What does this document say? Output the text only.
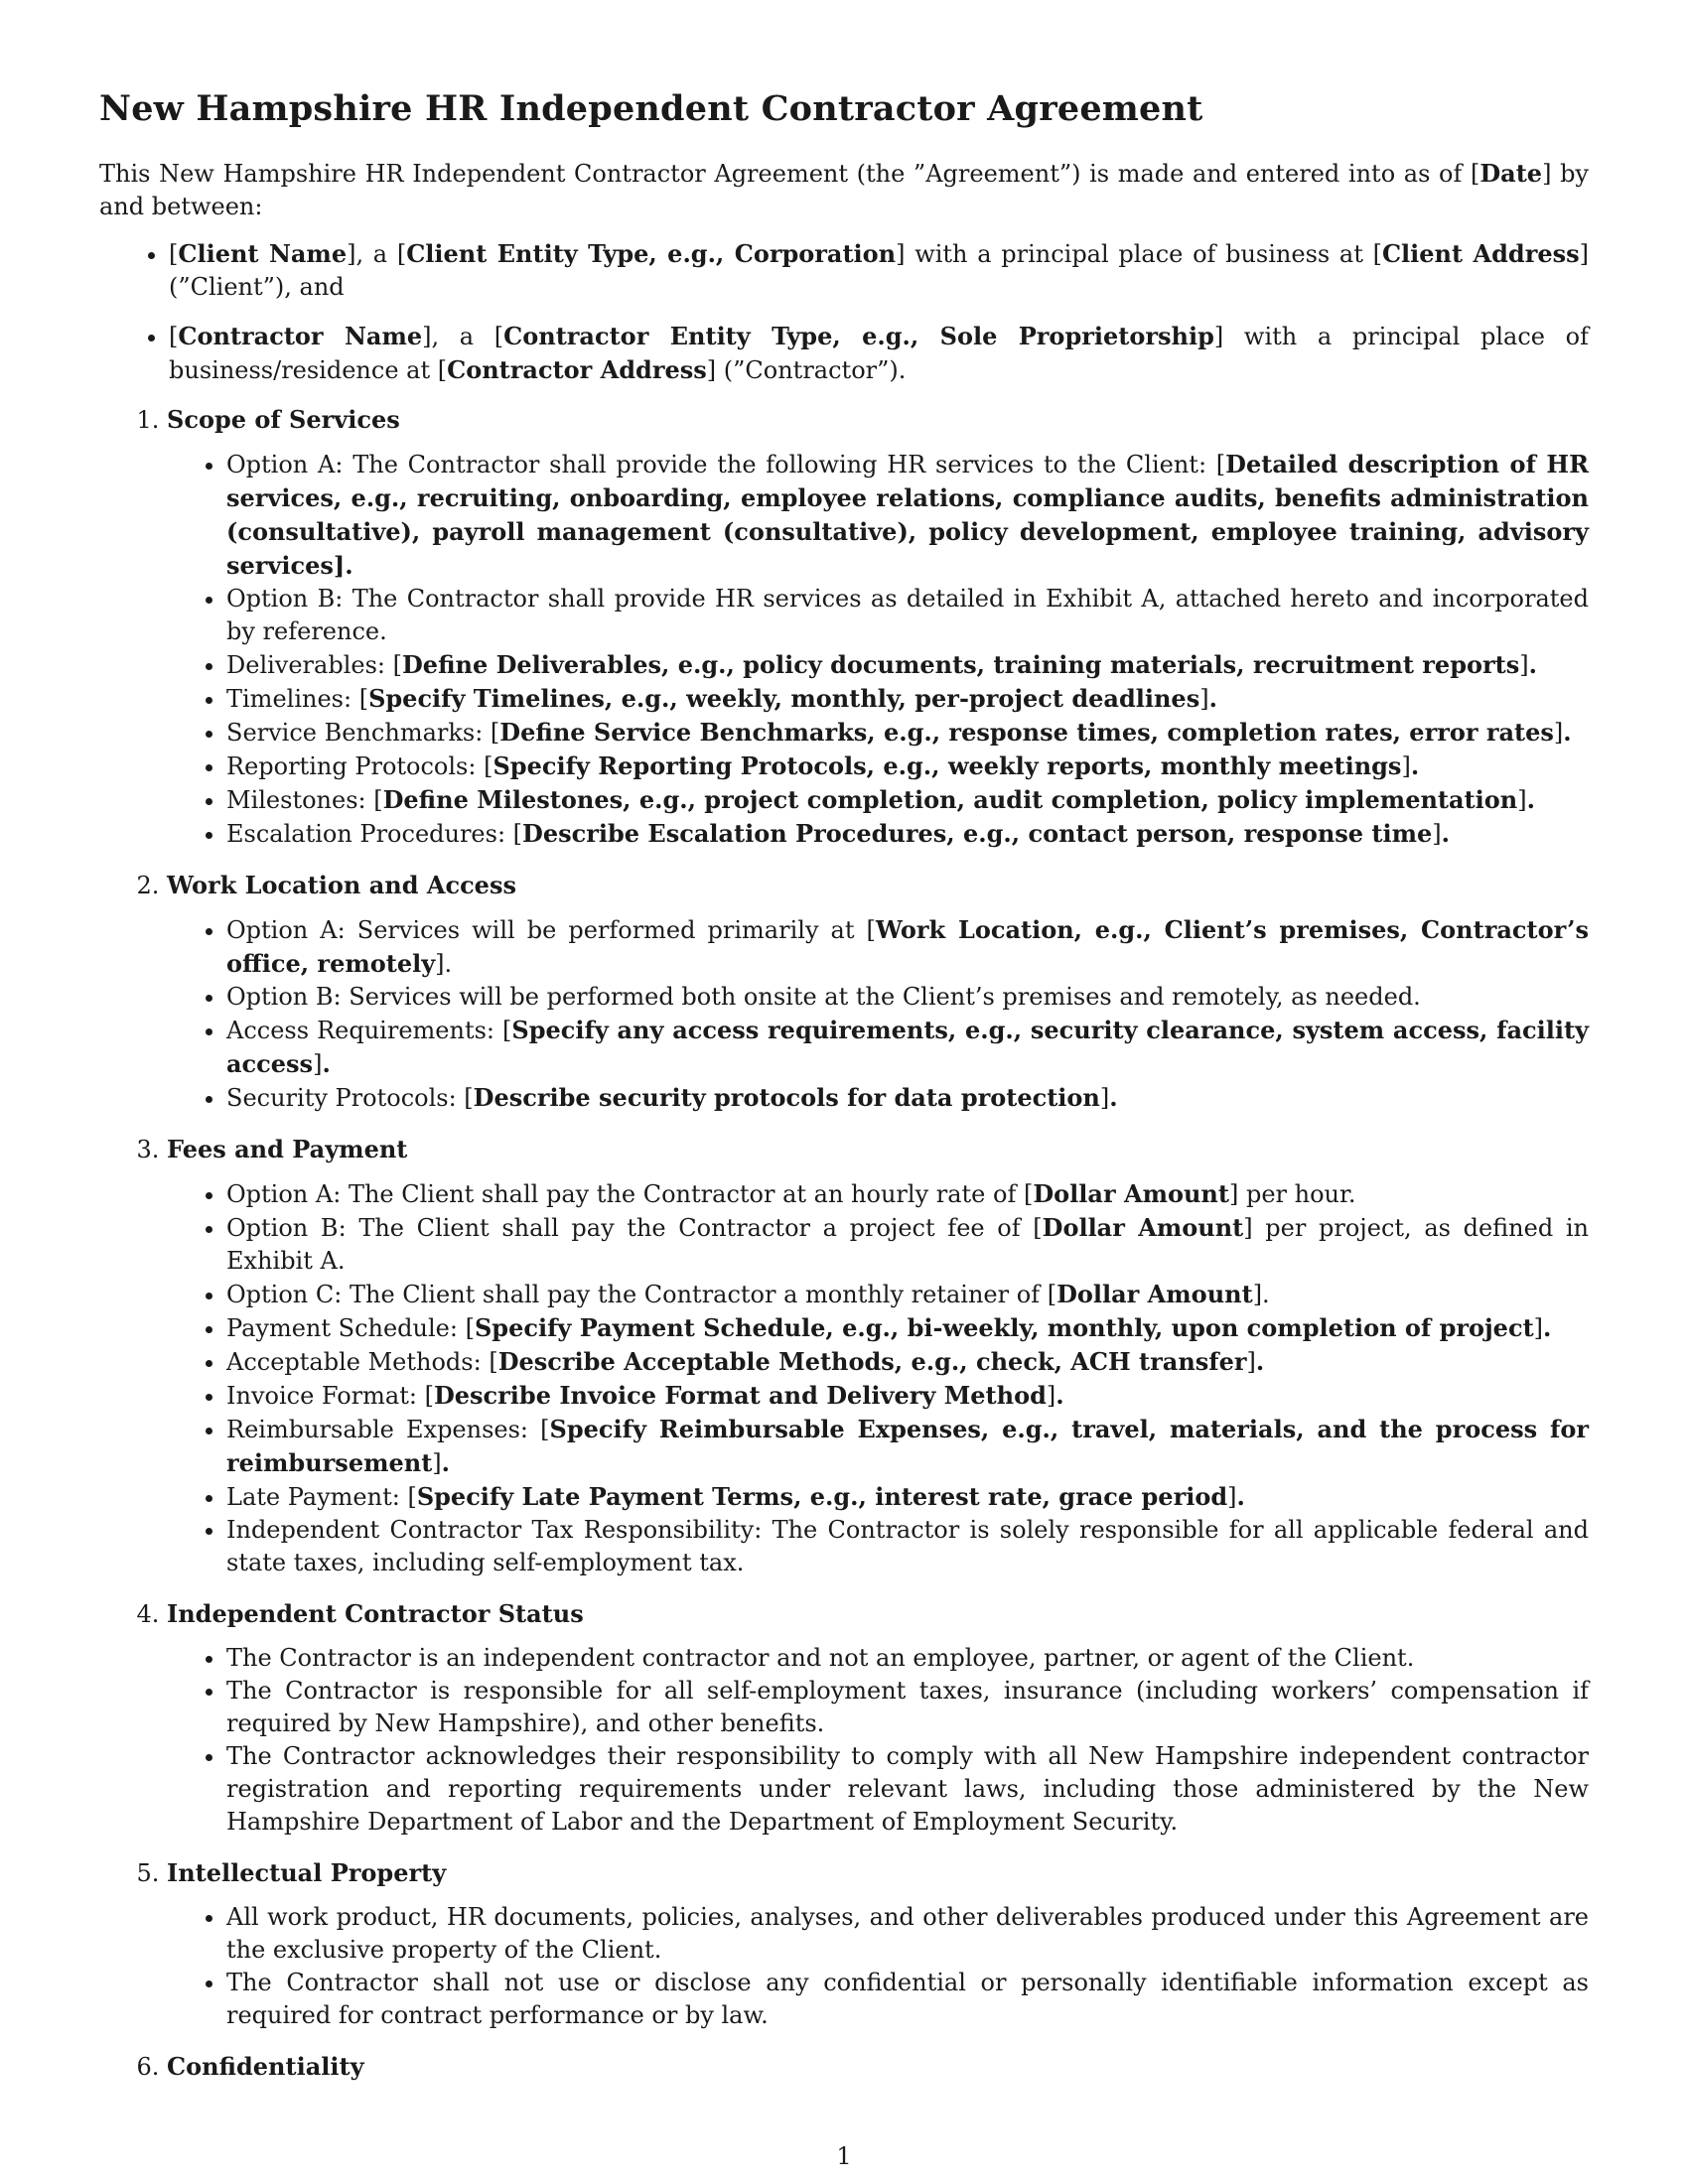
New Hampshire HR Independent Contractor Agreement

This New Hampshire HR Independent Contractor Agreement (the ”Agreement”) is made and entered into as of [Date] by and between:

• [Client Name], a [Client Entity Type, e.g., Corporation] with a principal place of business at [Client Address] (”Client”), and
• [Contractor Name], a [Contractor Entity Type, e.g., Sole Proprietorship] with a principal place of business/residence at [Contractor Address] (”Contractor”).
1. Scope of Services
• Option A: The Contractor shall provide the following HR services to the Client: [Detailed description of HR services, e.g., recruiting, onboarding, employee relations, compliance audits, benefits administration (consultative), payroll management (consultative), policy development, employee training, advisory services].
• Option B: The Contractor shall provide HR services as detailed in Exhibit A, attached hereto and incorporated by reference.
• Deliverables: [Define Deliverables, e.g., policy documents, training materials, recruitment reports].
• Timelines: [Specify Timelines, e.g., weekly, monthly, per-project deadlines].
• Service Benchmarks: [Define Service Benchmarks, e.g., response times, completion rates, error rates].
• Reporting Protocols: [Specify Reporting Protocols, e.g., weekly reports, monthly meetings].
• Milestones: [Define Milestones, e.g., project completion, audit completion, policy implementation].
• Escalation Procedures: [Describe Escalation Procedures, e.g., contact person, response time].
2. Work Location and Access
• Option A: Services will be performed primarily at [Work Location, e.g., Client’s premises, Contractor’s office, remotely].
• Option B: Services will be performed both onsite at the Client’s premises and remotely, as needed.
• Access Requirements: [Specify any access requirements, e.g., security clearance, system access, facility access].
• Security Protocols: [Describe security protocols for data protection].
3. Fees and Payment
• Option A: The Client shall pay the Contractor at an hourly rate of [Dollar Amount] per hour.
• Option B: The Client shall pay the Contractor a project fee of [Dollar Amount] per project, as defined in Exhibit A.
• Option C: The Client shall pay the Contractor a monthly retainer of [Dollar Amount].
• Payment Schedule: [Specify Payment Schedule, e.g., bi-weekly, monthly, upon completion of project].
• Acceptable Methods: [Describe Acceptable Methods, e.g., check, ACH transfer].
• Invoice Format: [Describe Invoice Format and Delivery Method].
• Reimbursable Expenses: [Specify Reimbursable Expenses, e.g., travel, materials, and the process for reimbursement].
• Late Payment: [Specify Late Payment Terms, e.g., interest rate, grace period].
• Independent Contractor Tax Responsibility: The Contractor is solely responsible for all applicable federal and state taxes, including self-employment tax.
4. Independent Contractor Status
• The Contractor is an independent contractor and not an employee, partner, or agent of the Client.
• The Contractor is responsible for all self-employment taxes, insurance (including workers’ compensation if required by New Hampshire), and other benefits.
• The Contractor acknowledges their responsibility to comply with all New Hampshire independent contractor registration and reporting requirements under relevant laws, including those administered by the New Hampshire Department of Labor and the Department of Employment Security.
5. Intellectual Property
• All work product, HR documents, policies, analyses, and other deliverables produced under this Agreement are the exclusive property of the Client.
• The Contractor shall not use or disclose any confidential or personally identifiable information except as required for contract performance or by law.
6. Confidentiality
1
